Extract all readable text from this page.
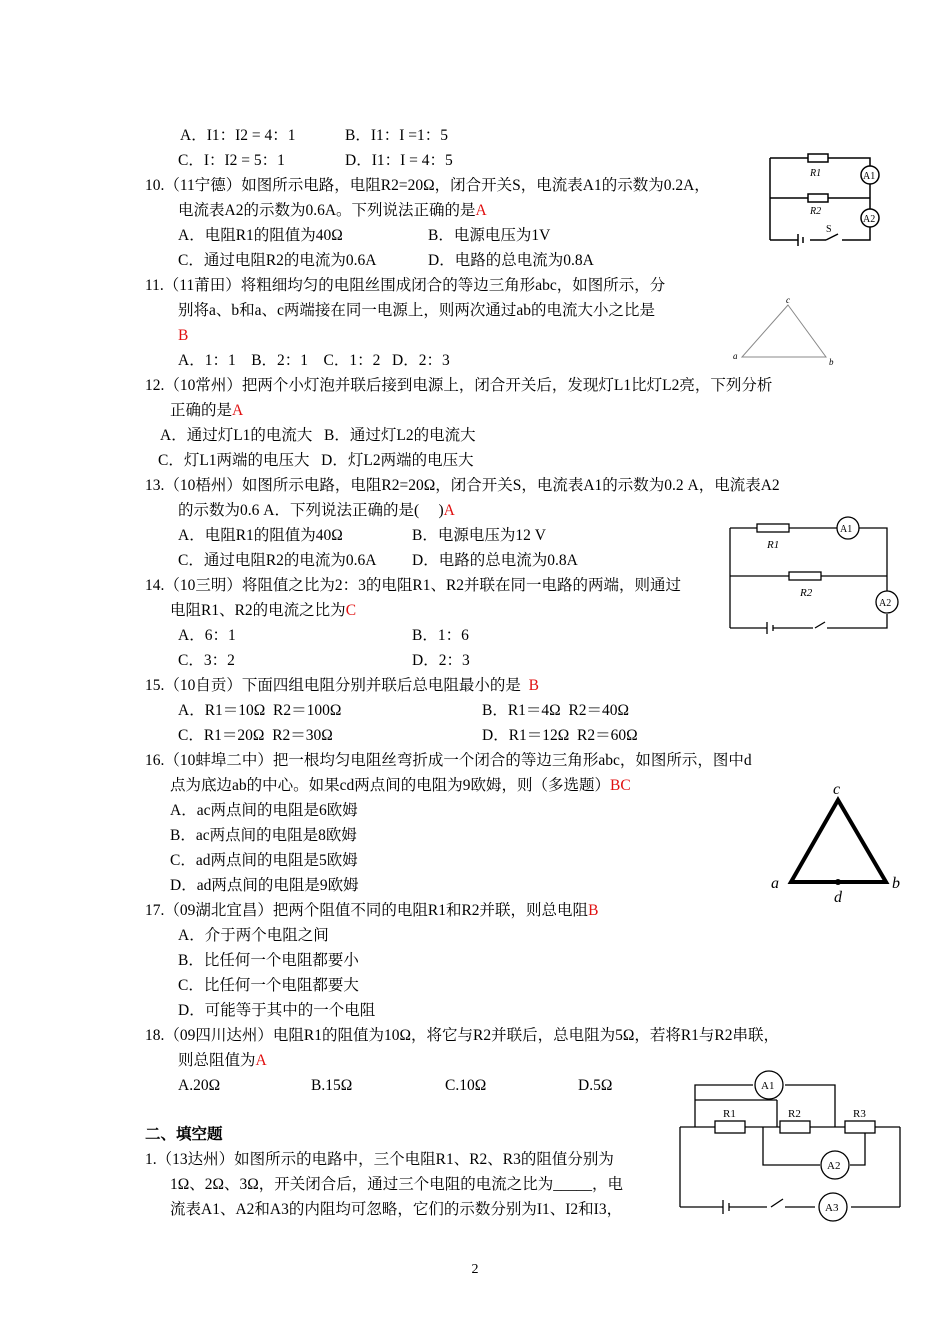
A．I1：I2 = 4：1	B．I1：I =1：5
C．I：I2 = 5：1	D．I1：I = 4：5
10.（11宁德）如图所示电路，电阻R2=20Ω，闭合开关S，电流表A1的示数为0.2A，
电流表A2的示数为0.6A。下列说法正确的是A
A．电阻R1的阻值为40Ω	B．电源电压为1V
C．通过电阻R2的电流为0.6A	D．电路的总电流为0.8A
11.（11莆田）将粗细均匀的电阻丝围成闭合的等边三角形abc，如图所示，分
别将a、b和a、c两端接在同一电源上，则两次通过ab的电流大小之比是
B
A．1：1    B．2：1    C．1：2   D．2：3
12.（10常州）把两个小灯泡并联后接到电源上，闭合开关后，发现灯L1比灯L2亮，下列分析
正确的是A
A．通过灯L1的电流大   B．通过灯L2的电流大
C．灯L1两端的电压大   D．灯L2两端的电压大
13.（10梧州）如图所示电路，电阻R2=20Ω，闭合开关S，电流表A1的示数为0.2 A，电流表A2
的示数为0.6 A．下列说法正确的是(     )A
A．电阻R1的阻值为40Ω	B．电源电压为12 V
C．通过电阻R2的电流为0.6A D．电路的总电流为0.8A
14.（10三明）将阻值之比为2：3的电阻R1、R2并联在同一电路的两端，则通过
电阻R1、R2的电流之比为C
A．6：1	B．1：6
C．3：2	D．2：3
15.（10自贡）下面四组电阻分别并联后总电阻最小的是 B
A．R1＝10Ω  R2＝100Ω	B．R1＝4Ω  R2＝40Ω
C．R1＝20Ω  R2＝30Ω	D．R1＝12Ω  R2＝60Ω
16.（10蚌埠二中）把一根均匀电阻丝弯折成一个闭合的等边三角形abc，如图所示，图中d
点为底边ab的中心。如果cd两点间的电阻为9欧姆，则（多选题）BC
A．ac两点间的电阻是6欧姆
B．ac两点间的电阻是8欧姆
C．ad两点间的电阻是5欧姆
D．ad两点间的电阻是9欧姆
17.（09湖北宜昌）把两个阻值不同的电阻R1和R2并联，则总电阻B
A．介于两个电阻之间
B．比任何一个电阻都要小
C．比任何一个电阻都要大
D．可能等于其中的一个电阻
18.（09四川达州）电阻R1的阻值为10Ω，将它与R2并联后，总电阻为5Ω，若将R1与R2串联，
则总阻值为A
A.20Ω	B.15Ω	C.10Ω	D.5Ω
二、填空题
1.（13达州）如图所示的电路中，三个电阻R1、R2、R3的阻值分别为
1Ω、2Ω、3Ω，开关闭合后，通过三个电阻的电流之比为_____，电
流表A1、A2和A3的内阻均可忽略，它们的示数分别为I1、I2和I3，
R1
R2
A1
A2
S
c
a
b
R1
R2
A1
A2
c
a	b
d
R1	R2	R3
A1
A2
A3
2
